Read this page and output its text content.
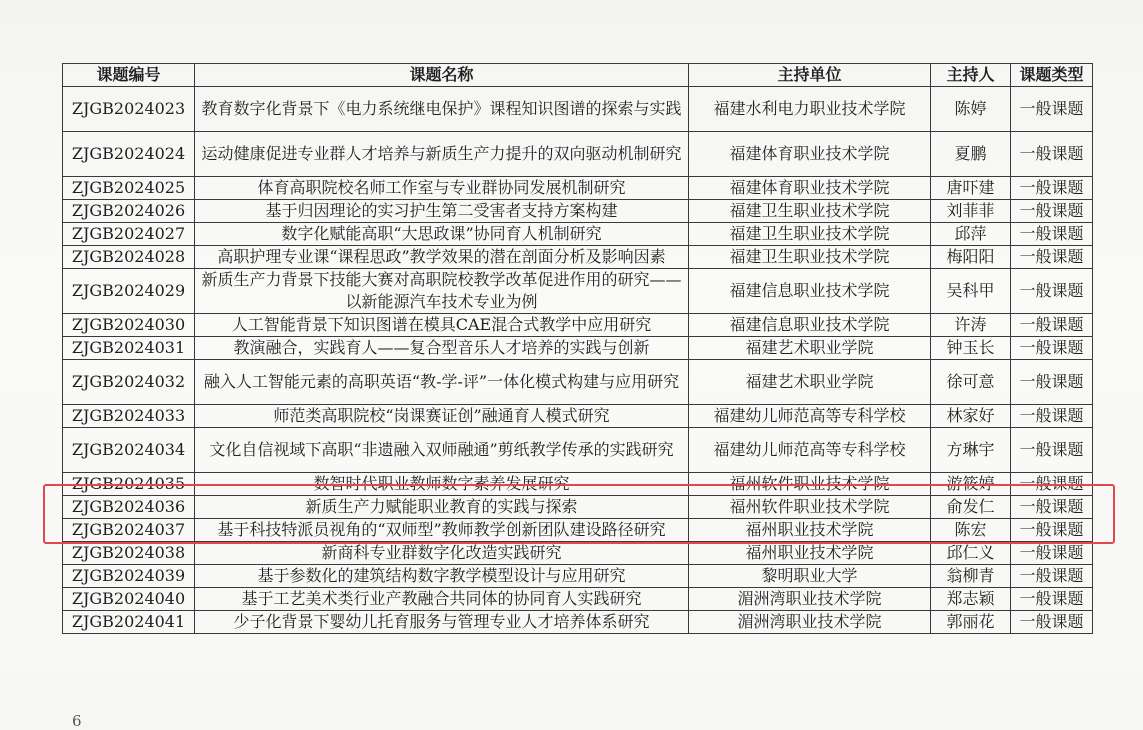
课题编号	课题名称	主持单位	主持人	课题类型
ZJGB2024023	教育数字化背景下《电力系统继电保护》课程知识图谱的探索与实践	福建水利电力职业技术学院	陈婷	一般课题
ZJGB2024024	运动健康促进专业群人才培养与新质生产力提升的双向驱动机制研究	福建体育职业技术学院	夏鹏	一般课题
ZJGB2024025	体育高职院校名师工作室与专业群协同发展机制研究	福建体育职业技术学院	唐吓建	一般课题
ZJGB2024026	基于归因理论的实习护生第二受害者支持方案构建	福建卫生职业技术学院	刘菲菲	一般课题
ZJGB2024027	数字化赋能高职“大思政课”协同育人机制研究	福建卫生职业技术学院	邱萍	一般课题
ZJGB2024028	高职护理专业课“课程思政”教学效果的潜在剖面分析及影响因素	福建卫生职业技术学院	梅阳阳	一般课题
ZJGB2024029	新质生产力背景下技能大赛对高职院校教学改革促进作用的研究——以新能源汽车技术专业为例	福建信息职业技术学院	吴科甲	一般课题
ZJGB2024030	人工智能背景下知识图谱在模具CAE混合式教学中应用研究	福建信息职业技术学院	许涛	一般课题
ZJGB2024031	教演融合，实践育人——复合型音乐人才培养的实践与创新	福建艺术职业学院	钟玉长	一般课题
ZJGB2024032	融入人工智能元素的高职英语“教-学-评”一体化模式构建与应用研究	福建艺术职业学院	徐可意	一般课题
ZJGB2024033	师范类高职院校“岗课赛证创”融通育人模式研究	福建幼儿师范高等专科学校	林家好	一般课题
ZJGB2024034	文化自信视域下高职“非遗融入双师融通”剪纸教学传承的实践研究	福建幼儿师范高等专科学校	方琳宇	一般课题
ZJGB2024035	数智时代职业教师数字素养发展研究	福州软件职业技术学院	游筱婷	一般课题
ZJGB2024036	新质生产力赋能职业教育的实践与探索	福州软件职业技术学院	俞发仁	一般课题
ZJGB2024037	基于科技特派员视角的“双师型”教师教学创新团队建设路径研究	福州职业技术学院	陈宏	一般课题
ZJGB2024038	新商科专业群数字化改造实践研究	福州职业技术学院	邱仁义	一般课题
ZJGB2024039	基于参数化的建筑结构数字教学模型设计与应用研究	黎明职业大学	翁柳青	一般课题
ZJGB2024040	基于工艺美术类行业产教融合共同体的协同育人实践研究	湄洲湾职业技术学院	郑志颖	一般课题
ZJGB2024041	少子化背景下婴幼儿托育服务与管理专业人才培养体系研究	湄洲湾职业技术学院	郭丽花	一般课题
6
